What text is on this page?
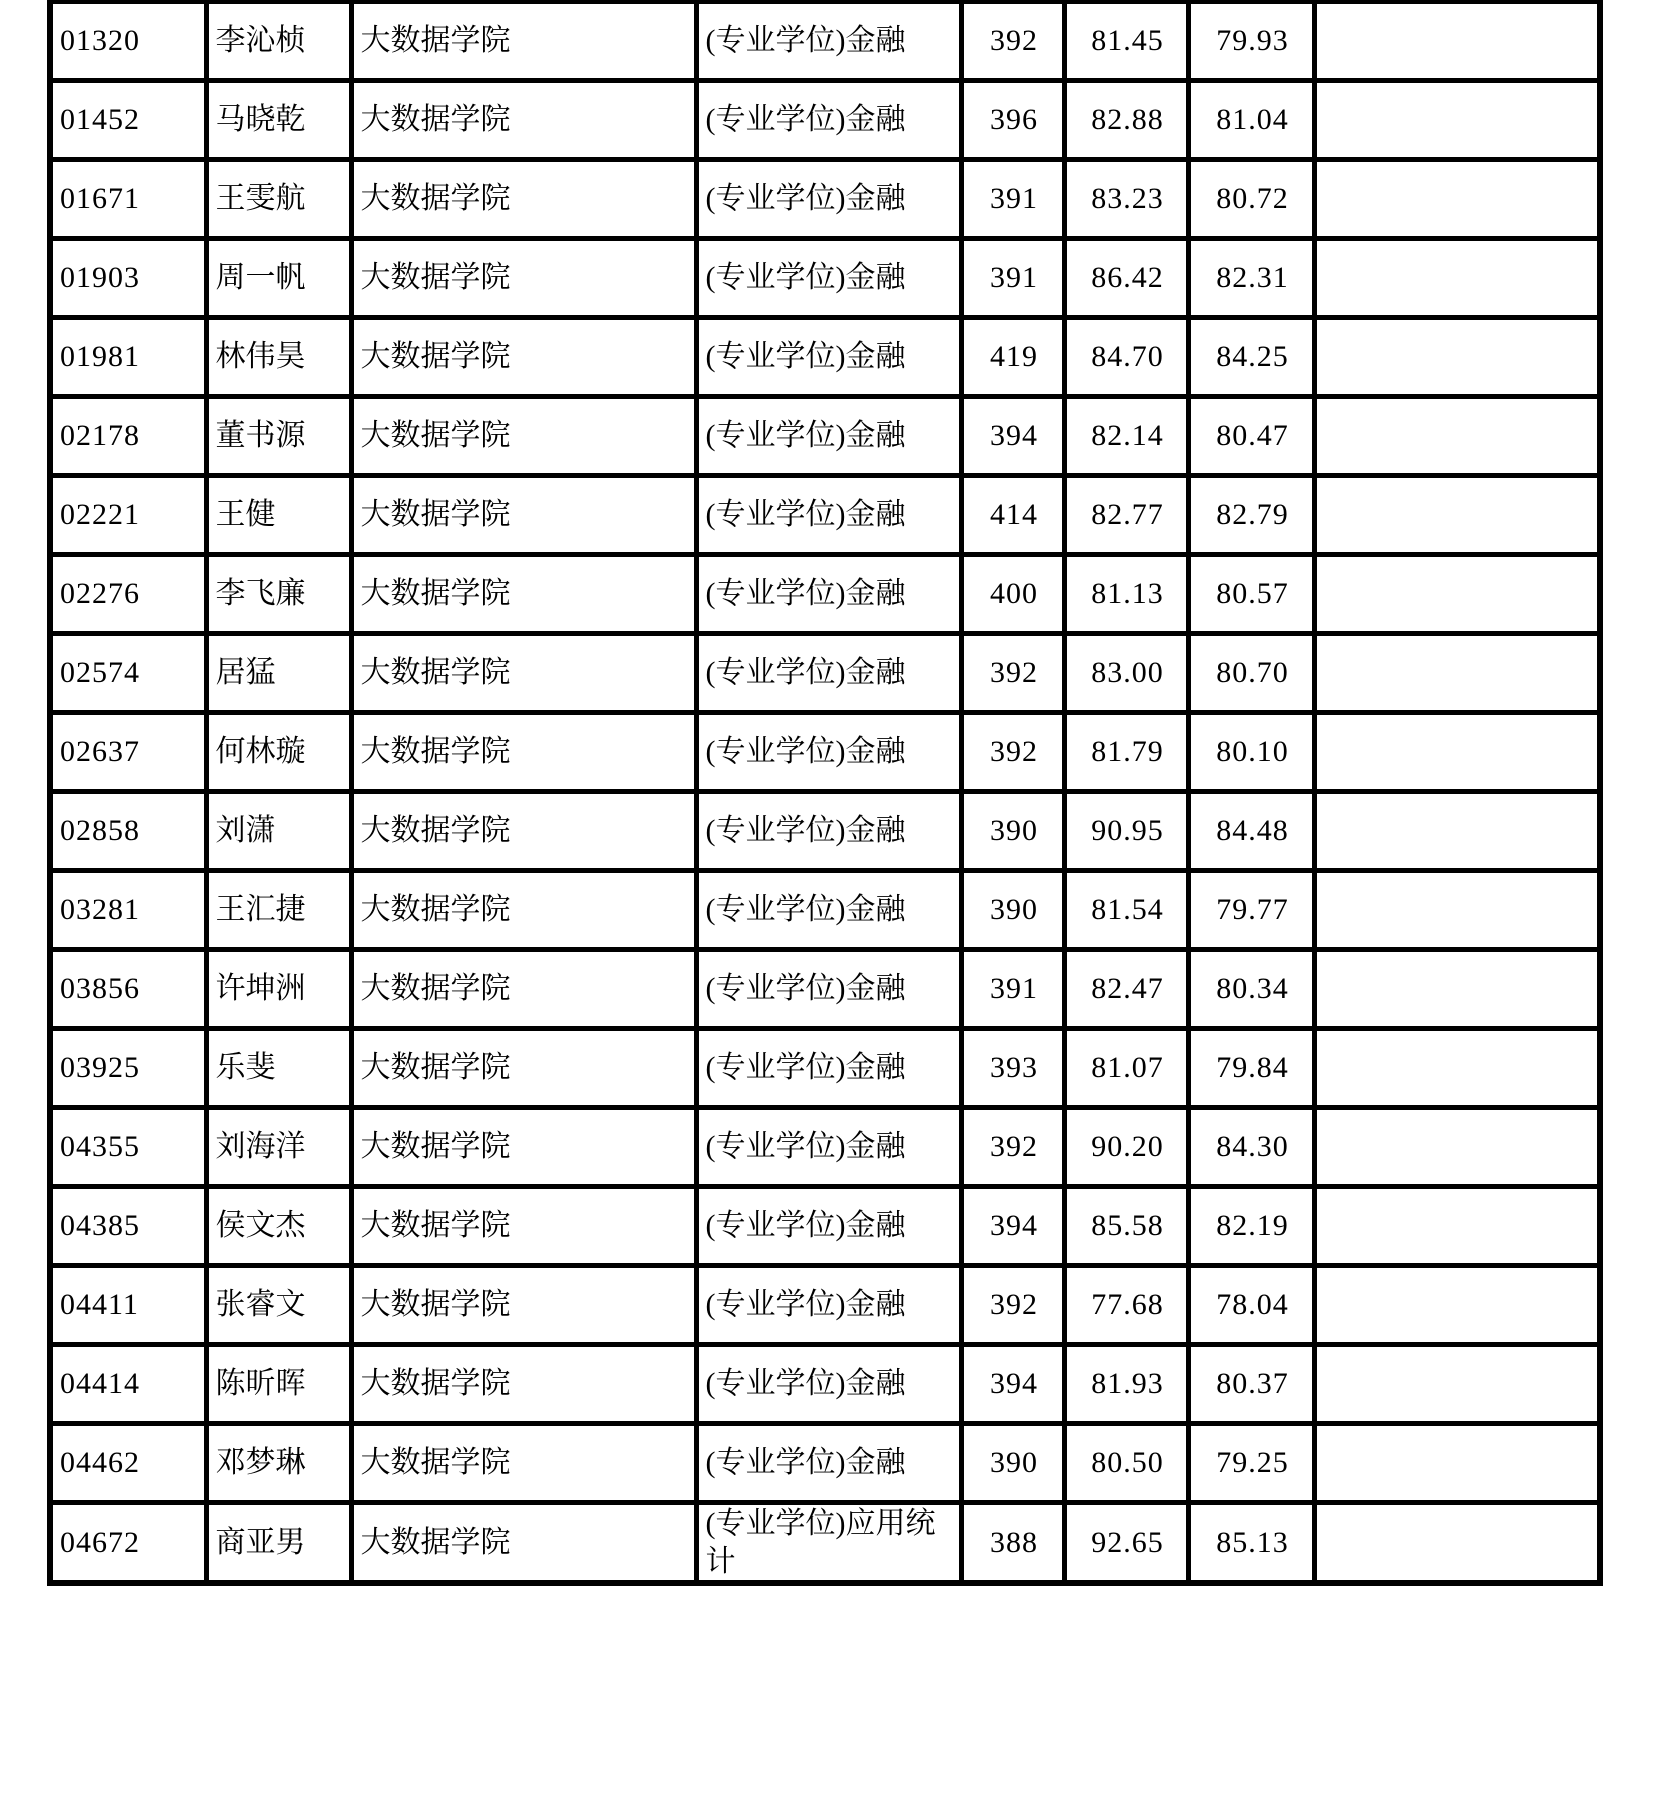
01320	李沁桢	大数据学院	(专业学位)金融	392	81.45	79.93	
01452	马晓乾	大数据学院	(专业学位)金融	396	82.88	81.04	
01671	王雯航	大数据学院	(专业学位)金融	391	83.23	80.72	
01903	周一帆	大数据学院	(专业学位)金融	391	86.42	82.31	
01981	林伟昊	大数据学院	(专业学位)金融	419	84.70	84.25	
02178	董书源	大数据学院	(专业学位)金融	394	82.14	80.47	
02221	王健	大数据学院	(专业学位)金融	414	82.77	82.79	
02276	李飞廉	大数据学院	(专业学位)金融	400	81.13	80.57	
02574	居猛	大数据学院	(专业学位)金融	392	83.00	80.70	
02637	何林璇	大数据学院	(专业学位)金融	392	81.79	80.10	
02858	刘潇	大数据学院	(专业学位)金融	390	90.95	84.48	
03281	王汇捷	大数据学院	(专业学位)金融	390	81.54	79.77	
03856	许坤洲	大数据学院	(专业学位)金融	391	82.47	80.34	
03925	乐斐	大数据学院	(专业学位)金融	393	81.07	79.84	
04355	刘海洋	大数据学院	(专业学位)金融	392	90.20	84.30	
04385	侯文杰	大数据学院	(专业学位)金融	394	85.58	82.19	
04411	张睿文	大数据学院	(专业学位)金融	392	77.68	78.04	
04414	陈昕晖	大数据学院	(专业学位)金融	394	81.93	80.37	
04462	邓梦琳	大数据学院	(专业学位)金融	390	80.50	79.25	
04672	商亚男	大数据学院	(专业学位)应用统计	388	92.65	85.13	
